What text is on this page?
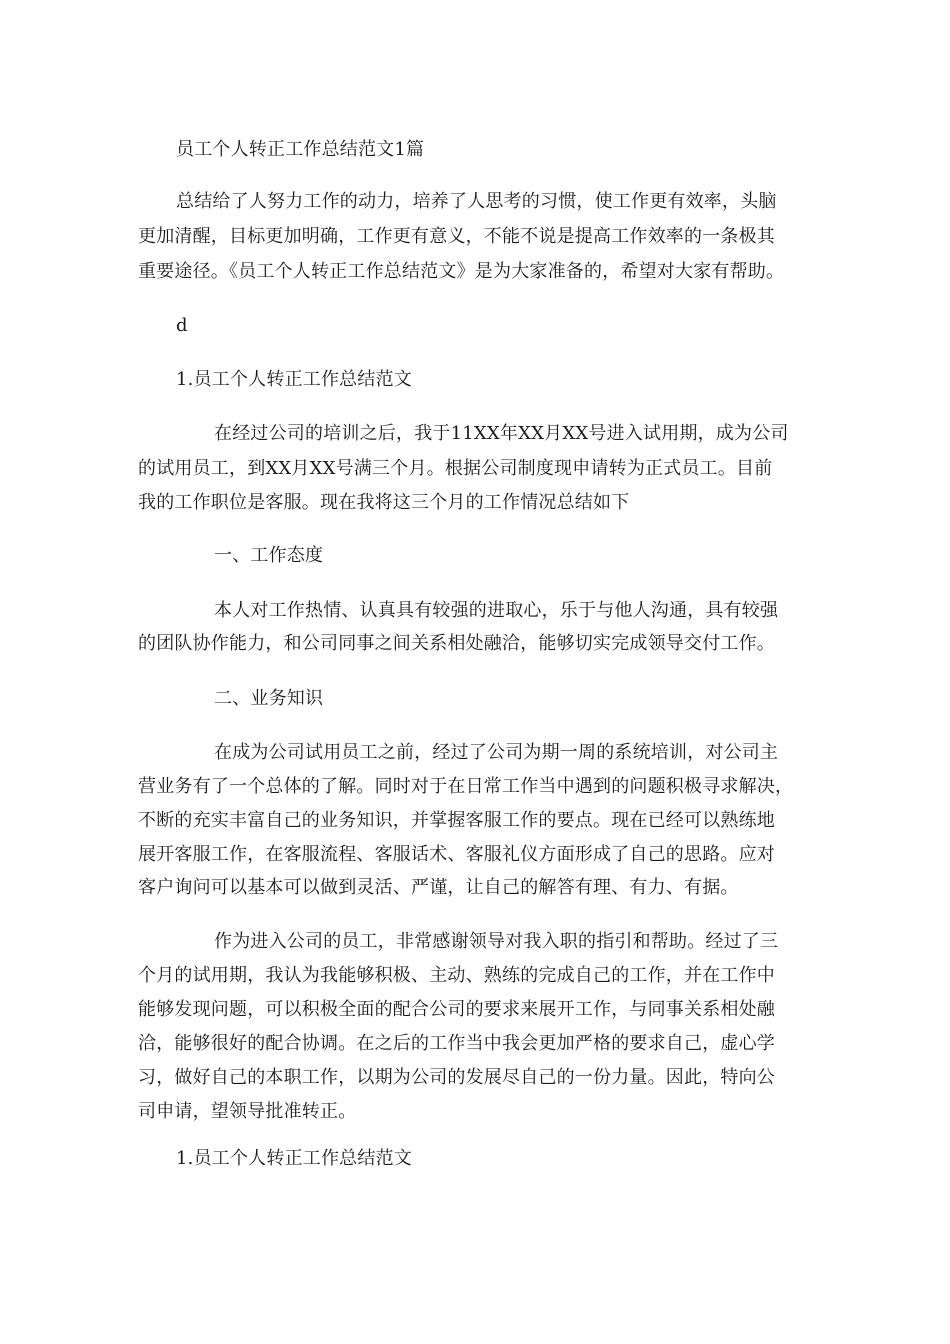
员工个人转正工作总结范文1篇
总结给了人努力工作的动力，培养了人思考的习惯，使工作更有效率，头脑
更加清醒，目标更加明确，工作更有意义，不能不说是提高工作效率的一条极其
重要途径。《员工个人转正工作总结范文》是为大家准备的，希望对大家有帮助。
d
1.员工个人转正工作总结范文
在经过公司的培训之后，我于11XX年XX月XX号进入试用期，成为公司
的试用员工，到XX月XX号满三个月。根据公司制度现申请转为正式员工。目前
我的工作职位是客服。现在我将这三个月的工作情况总结如下
一、工作态度
本人对工作热情、认真具有较强的进取心，乐于与他人沟通，具有较强
的团队协作能力，和公司同事之间关系相处融洽，能够切实完成领导交付工作。
二、业务知识
在成为公司试用员工之前，经过了公司为期一周的系统培训，对公司主
营业务有了一个总体的了解。同时对于在日常工作当中遇到的问题积极寻求解决，
不断的充实丰富自己的业务知识，并掌握客服工作的要点。现在已经可以熟练地
展开客服工作，在客服流程、客服话术、客服礼仪方面形成了自己的思路。应对
客户询问可以基本可以做到灵活、严谨，让自己的解答有理、有力、有据。
作为进入公司的员工，非常感谢领导对我入职的指引和帮助。经过了三
个月的试用期，我认为我能够积极、主动、熟练的完成自己的工作，并在工作中
能够发现问题，可以积极全面的配合公司的要求来展开工作，与同事关系相处融
洽，能够很好的配合协调。在之后的工作当中我会更加严格的要求自己，虚心学
习，做好自己的本职工作，以期为公司的发展尽自己的一份力量。因此，特向公
司申请，望领导批准转正。
1.员工个人转正工作总结范文
